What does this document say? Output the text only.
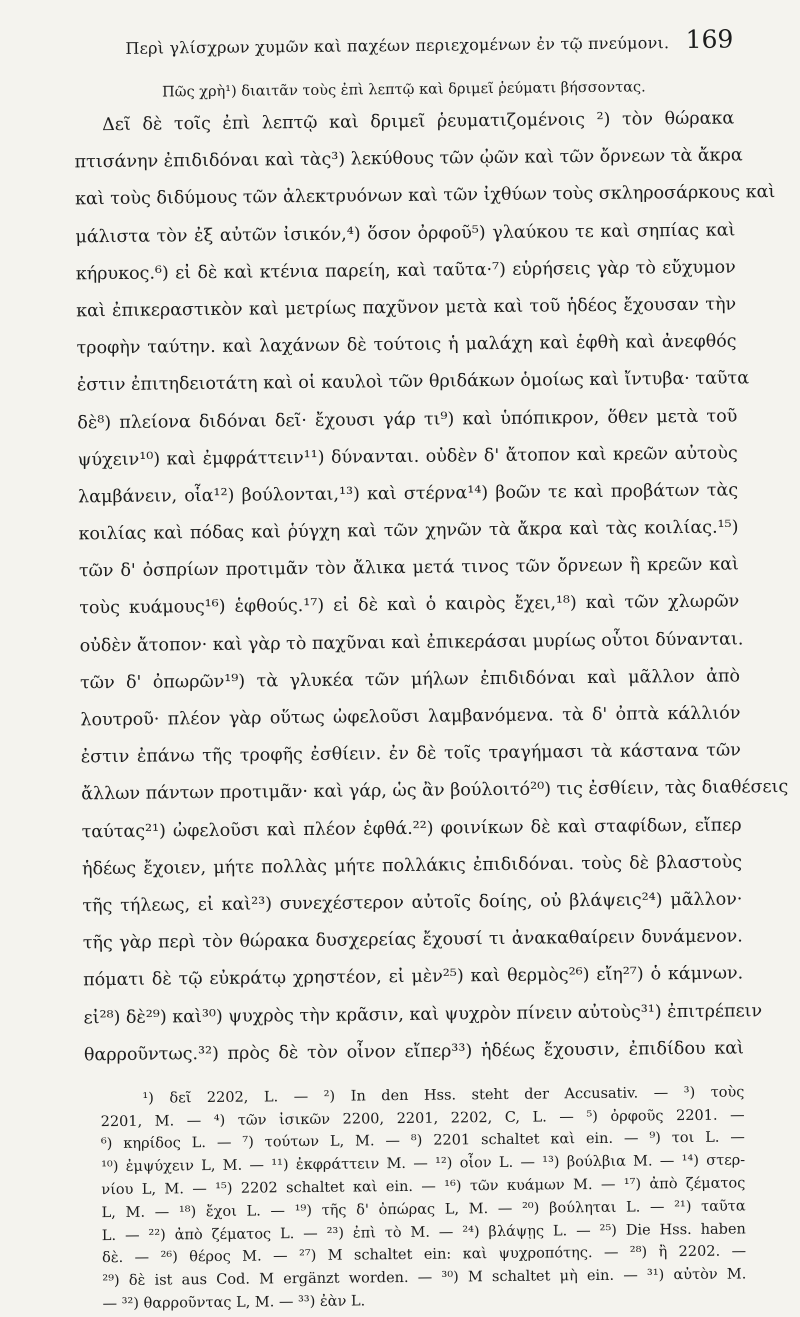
Περὶ γλίσχρων χυμῶν καὶ παχέων περιεχομένων ἐν τῷ πνεύμονι. 169
Πῶς χρὴ¹) διαιτᾶν τοὺς ἐπὶ λεπτῷ καὶ δριμεῖ ῥεύματι βήσσοντας.
Δεῖ δὲ τοῖς ἐπὶ λεπτῷ καὶ δριμεῖ ῥευματιζομένοις ²) τὸν θώρακα
πτισάνην ἐπιδιδόναι καὶ τὰς³) λεκύθους τῶν ᾠῶν καὶ τῶν ὄρνεων τὰ ἄκρα
καὶ τοὺς διδύμους τῶν ἀλεκτρυόνων καὶ τῶν ἰχθύων τοὺς σκληροσάρκους καὶ
μάλιστα τὸν ἐξ αὐτῶν ἰσικόν,⁴) ὅσον ὀρφοῦ⁵) γλαύκου τε καὶ σηπίας καὶ
κήρυκος.⁶) εἰ δὲ καὶ κτένια παρείη, καὶ ταῦτα·⁷) εὑρήσεις γὰρ τὸ εὔχυμον
καὶ ἐπικεραστικὸν καὶ μετρίως παχῦνον μετὰ καὶ τοῦ ἡδέος ἔχουσαν τὴν
τροφὴν ταύτην. καὶ λαχάνων δὲ τούτοις ἡ μαλάχη καὶ ἑφθὴ καὶ ἀνεφθός
ἐστιν ἐπιτηδειοτάτη καὶ οἱ καυλοὶ τῶν θριδάκων ὁμοίως καὶ ἴντυβα· ταῦτα
δὲ⁸) πλείονα διδόναι δεῖ· ἔχουσι γάρ τι⁹) καὶ ὑπόπικρον, ὅθεν μετὰ τοῦ
ψύχειν¹⁰) καὶ ἐμφράττειν¹¹) δύνανται. οὐδὲν δ' ἄτοπον καὶ κρεῶν αὐτοὺς
λαμβάνειν, οἷα¹²) βούλονται,¹³) καὶ στέρνα¹⁴) βοῶν τε καὶ προβάτων τὰς
κοιλίας καὶ πόδας καὶ ῥύγχη καὶ τῶν χηνῶν τὰ ἄκρα καὶ τὰς κοιλίας.¹⁵)
τῶν δ' ὀσπρίων προτιμᾶν τὸν ἄλικα μετά τινος τῶν ὄρνεων ἢ κρεῶν καὶ
τοὺς κυάμους¹⁶) ἑφθούς.¹⁷) εἰ δὲ καὶ ὁ καιρὸς ἔχει,¹⁸) καὶ τῶν χλωρῶν
οὐδὲν ἄτοπον· καὶ γὰρ τὸ παχῦναι καὶ ἐπικεράσαι μυρίως οὗτοι δύνανται.
τῶν δ' ὀπωρῶν¹⁹) τὰ γλυκέα τῶν μήλων ἐπιδιδόναι καὶ μᾶλλον ἀπὸ
λουτροῦ· πλέον γὰρ οὕτως ὠφελοῦσι λαμβανόμενα. τὰ δ' ὀπτὰ κάλλιόν
ἐστιν ἐπάνω τῆς τροφῆς ἐσθίειν. ἐν δὲ τοῖς τραγήμασι τὰ κάστανα τῶν
ἄλλων πάντων προτιμᾶν· καὶ γάρ, ὡς ἂν βούλοιτό²⁰) τις ἐσθίειν, τὰς διαθέσεις
ταύτας²¹) ὠφελοῦσι καὶ πλέον ἑφθά.²²) φοινίκων δὲ καὶ σταφίδων, εἴπερ
ἡδέως ἔχοιεν, μήτε πολλὰς μήτε πολλάκις ἐπιδιδόναι. τοὺς δὲ βλαστοὺς
τῆς τήλεως, εἰ καὶ²³) συνεχέστερον αὐτοῖς δοίης, οὐ βλάψεις²⁴) μᾶλλον·
τῆς γὰρ περὶ τὸν θώρακα δυσχερείας ἔχουσί τι ἀνακαθαίρειν δυνάμενον.
πόματι δὲ τῷ εὐκράτῳ χρηστέον, εἰ μὲν²⁵) καὶ θερμὸς²⁶) εἴη²⁷) ὁ κάμνων.
εἰ²⁸) δὲ²⁹) καὶ³⁰) ψυχρὸς τὴν κρᾶσιν, καὶ ψυχρὸν πίνειν αὐτοὺς³¹) ἐπιτρέπειν
θαρροῦντως.³²) πρὸς δὲ τὸν οἶνον εἴπερ³³) ἡδέως ἔχουσιν, ἐπιδίδου καὶ
¹) δεῖ 2202, L. — ²) In den Hss. steht der Accusativ. — ³) τοὺς
2201, M. — ⁴) τῶν ἰσικῶν 2200, 2201, 2202, C, L. — ⁵) ὀρφοῦς 2201. —
⁶) κηρίδος L. — ⁷) τούτων L, M. — ⁸) 2201 schaltet καὶ ein. — ⁹) τοι L. —
¹⁰) ἐμψύχειν L, M. — ¹¹) ἐκφράττειν M. — ¹²) οἷον L. — ¹³) βούλβια M. — ¹⁴) στερ-
νίου L, M. — ¹⁵) 2202 schaltet καὶ ein. — ¹⁶) τῶν κυάμων M. — ¹⁷) ἀπὸ ζέματος
L, M. — ¹⁸) ἔχοι L. — ¹⁹) τῆς δ' ὀπώρας L, M. — ²⁰) βούληται L. — ²¹) ταῦτα
L. — ²²) ἀπὸ ζέματος L. — ²³) ἐπὶ τὸ M. — ²⁴) βλάψῃς L. — ²⁵) Die Hss. haben
δὲ. — ²⁶) θέρος M. — ²⁷) M schaltet ein: καὶ ψυχροπότης. — ²⁸) ἢ 2202. —
²⁹) δὲ ist aus Cod. M ergänzt worden. — ³⁰) M schaltet μὴ ein. — ³¹) αὐτὸν M.
— ³²) θαρροῦντας L, M. — ³³) ἐὰν L.
